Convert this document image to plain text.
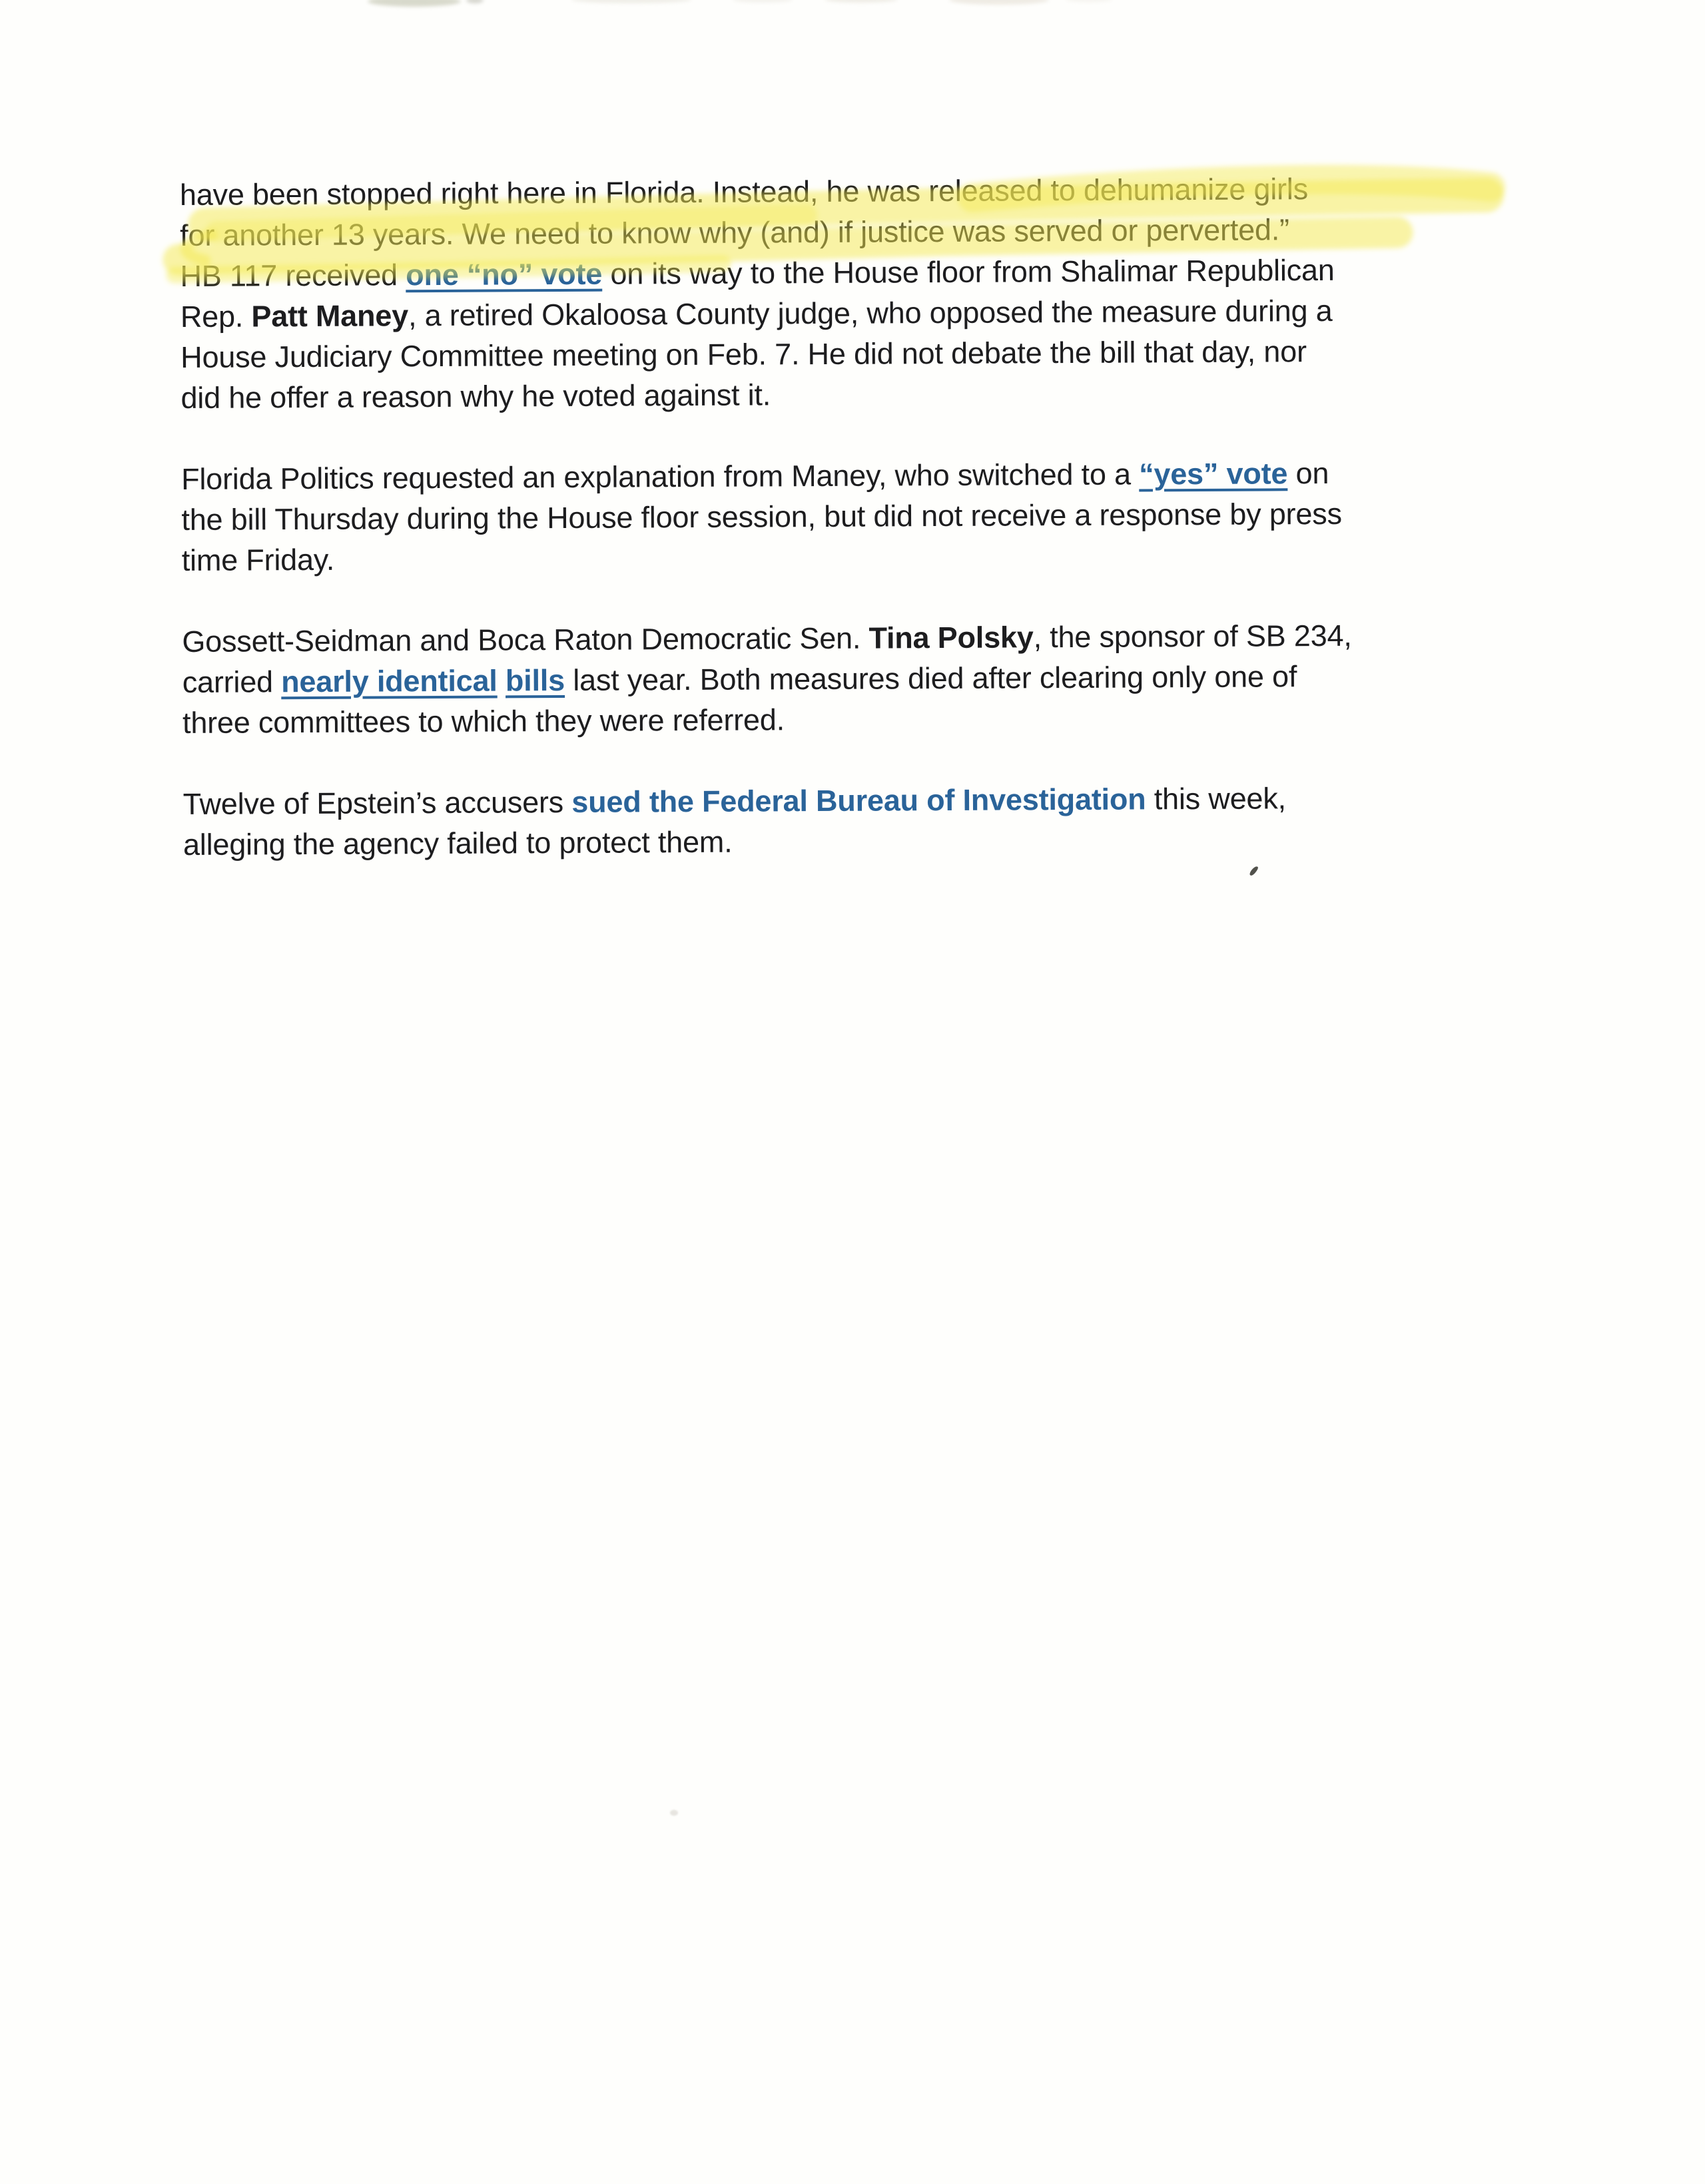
have been stopped right here in Florida. Instead, he was released to dehumanize girls
for another 13 years. We need to know why (and) if justice was served or perverted.”
HB 117 received one “no” vote on its way to the House floor from Shalimar Republican
Rep. Patt Maney, a retired Okaloosa County judge, who opposed the measure during a
House Judiciary Committee meeting on Feb. 7. He did not debate the bill that day, nor
did he offer a reason why he voted against it.
Florida Politics requested an explanation from Maney, who switched to a “yes” vote on
the bill Thursday during the House floor session, but did not receive a response by press
time Friday.
Gossett-Seidman and Boca Raton Democratic Sen. Tina Polsky, the sponsor of SB 234,
carried nearly identical bills last year. Both measures died after clearing only one of
three committees to which they were referred.
Twelve of Epstein’s accusers sued the Federal Bureau of Investigation this week,
alleging the agency failed to protect them.
